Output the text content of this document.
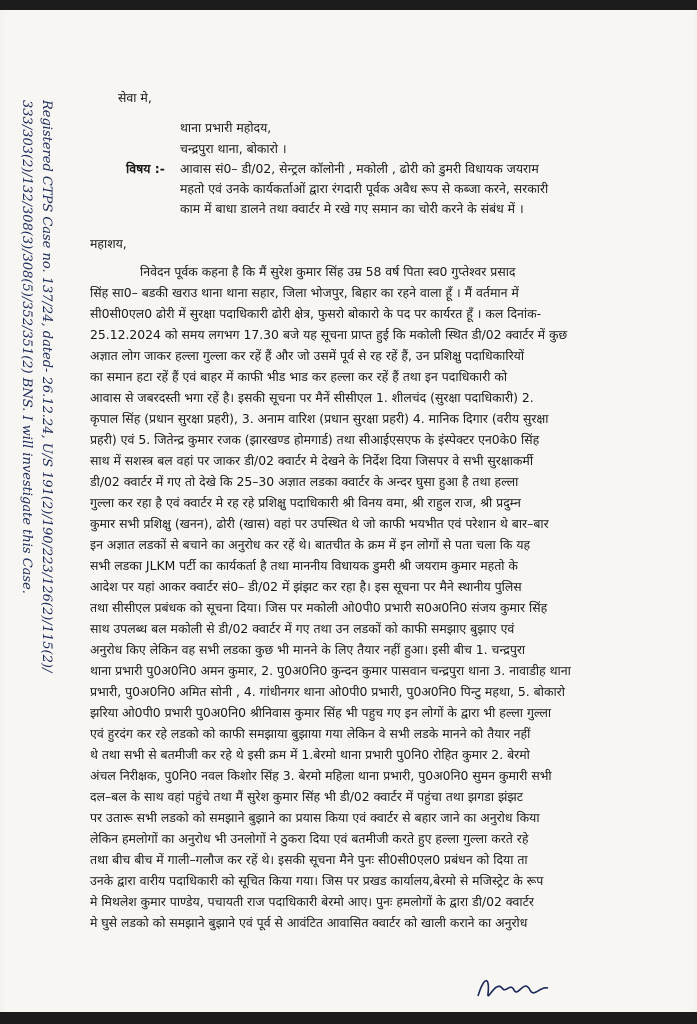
Registered CTPS Case no. 137/24, dated- 26.12.24, U/S 191(2)/190/223/126(2)/115(2)/
333/303(2)/132/308(3)/308(5)/352/351(2) BNS. I will investigate this Case.
सेवा मे,
थाना प्रभारी महोदय,
चन्द्रपुरा थाना, बोकारो ।
विषय :- आवास सं0– डी/02, सेन्ट्रल कॉलोनी , मकोली , ढोरी को डुमरी विधायक जयराम
महतो एवं उनके कार्यकर्ताओं द्वारा रंगदारी पूर्वक अवैध रूप से कब्जा करने, सरकारी
काम में बाधा डालने तथा क्वार्टर मे रखे गए समान का चोरी करने के संबंध में ।
महाशय,
निवेदन पूर्वक कहना है कि मैं सुरेश कुमार सिंह उम्र 58 वर्ष पिता स्व0 गुप्तेश्वर प्रसाद
सिंह सा0– बडकी खराउ थाना थाना सहार, जिला भोजपुर, बिहार का रहने वाला हूँ । मैं वर्तमान में
सी0सी0एल0 ढोरी में सुरक्षा पदाधिकारी ढोरी क्षेत्र, फुसरो बोकारो के पद पर कार्यरत हूँ । कल दिनांक-
25.12.2024 को समय लगभग 17.30 बजे यह सूचना प्राप्त हुई कि मकोली स्थित डी/02 क्वार्टर में कुछ
अज्ञात लोग जाकर हल्ला गुल्ला कर रहें हैं और जो उसमें पूर्व से रह रहें हैं, उन प्रशिक्षु पदाधिकारियों
का समान हटा रहें हैं एवं बाहर में काफी भीड भाड कर हल्ला कर रहें हैं तथा इन पदाधिकारी को
आवास से जबरदस्ती भगा रहें है। इसकी सूचना पर मैनें सीसीएल 1. शीलचंद (सुरक्षा पदाधिकारी) 2.
कृपाल सिंह (प्रधान सुरक्षा प्रहरी), 3. अनाम वारिश (प्रधान सुरक्षा प्रहरी) 4. मानिक दिगार (वरीय सुरक्षा
प्रहरी) एवं 5. जितेन्द्र कुमार रजक (झारखण्ड होमगार्ड) तथा सीआईएसएफ के इंस्पेक्टर एन0के0 सिंह
साथ में सशस्त्र बल वहां पर जाकर डी/02 क्वार्टर मे देखने के निर्देश दिया जिसपर वे सभी सुरक्षाकर्मी
डी/02 क्वार्टर में गए तो देखे कि 25–30 अज्ञात लडका क्वार्टर के अन्दर घुसा हुआ है तथा हल्ला
गुल्ला कर रहा है एवं क्वार्टर मे रह रहे प्रशिक्षु पदाधिकारी श्री विनय वमा, श्री राहुल राज, श्री प्रदुम्न
कुमार सभी प्रशिक्षु (खनन), ढोरी (खास) वहां पर उपस्थित थे जो काफी भयभीत एवं परेशान थे बार–बार
इन अज्ञात लडकों से बचाने का अनुरोध कर रहें थे। बातचीत के क्रम में इन लोगों से पता चला कि यह
सभी लडका JLKM पर्टी का कार्यकर्ता है तथा माननीय विधायक डुमरी श्री जयराम कुमार महतो के
आदेश पर यहां आकर क्वार्टर सं0– डी/02 में झंझट कर रहा है। इस सूचना पर मैने स्थानीय पुलिस
तथा सीसीएल प्रबंधक को सूचना दिया। जिस पर मकोली ओ0पी0 प्रभारी स0अ0नि0 संजय कुमार सिंह
साथ उपलब्ध बल मकोली से डी/02 क्वार्टर में गए तथा उन लडकों को काफी समझाए बुझाए एवं
अनुरोध किए लेकिन वह सभी लडका कुछ भी मानने के लिए तैयार नहीं हुआ। इसी बीच 1. चन्द्रपुरा
थाना प्रभारी पु0अ0नि0 अमन कुमार, 2. पु0अ0नि0 कुन्दन कुमार पासवान चन्द्रपुरा थाना 3. नावाडीह थाना
प्रभारी, पु0अ0नि0 अमित सोनी , 4. गांधीनगर थाना ओ0पी0 प्रभारी, पु0अ0नि0 पिन्टु महथा, 5. बोकारो
झरिया ओ0पी0 प्रभारी पु0अ0नि0 श्रीनिवास कुमार सिंह भी पहुच गए इन लोगों के द्वारा भी हल्ला गुल्ला
एवं हुरदंग कर रहे लडको को काफी समझाया बुझाया गया लेकिन वे सभी लडके मानने को तैयार नहीं
थे तथा सभी से बतमीजी कर रहे थे इसी क्रम में 1.बेरमो थाना प्रभारी पु0नि0 रोहित कुमार 2. बेरमो
अंचल निरीक्षक, पु0नि0 नवल किशोर सिंह 3. बेरमो महिला थाना प्रभारी, पु0अ0नि0 सुमन कुमारी सभी
दल–बल के साथ वहां पहुंचे तथा मैं सुरेश कुमार सिंह भी डी/02 क्वार्टर में पहुंचा तथा झगडा झंझट
पर उतारू सभी लडको को समझाने बुझाने का प्रयास किया एवं क्वार्टर से बहार जाने का अनुरोध किया
लेकिन हमलोगों का अनुरोध भी उनलोगों ने ठुकरा दिया एवं बतमीजी करते हुए हल्ला गुल्ला करते रहे
तथा बीच बीच में गाली–गलौज कर रहें थे। इसकी सूचना मैने पुनः सी0सी0एल0 प्रबंधन को दिया ता
उनके द्वारा वारीय पदाधिकारी को सूचित किया गया। जिस पर प्रखड कार्यालय,बेरमो से मजिस्ट्रेट के रूप
मे मिथलेश कुमार पाण्डेय, पचायती राज पदाधिकारी बेरमो आए। पुनः हमलोगों के द्वारा डी/02 क्वार्टर
मे घुसे लडको को समझाने बुझाने एवं पूर्व से आवंटित आवासित क्वार्टर को खाली कराने का अनुरोध
